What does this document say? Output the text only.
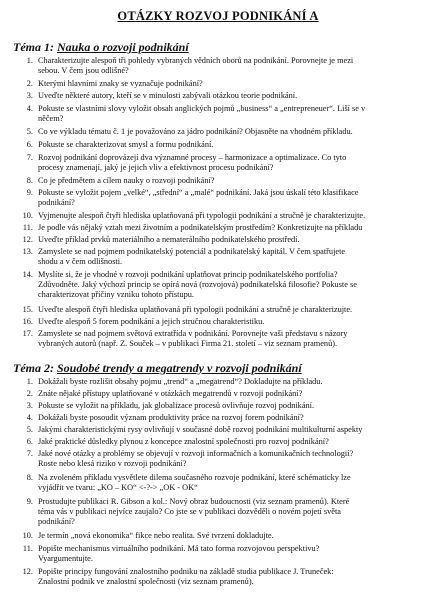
OTÁZKY ROZVOJ PODNIKÁNÍ A
Téma 1: Nauka o rozvoji podnikání
1. Charakterizujte alespoň tři pohledy vybraných vědních oborů na podnikání. Porovnejte je mezi
sebou. V čem jsou odlišné?
2. Kterými hlavními znaky se vyznačuje podnikání?
3. Uveďte některé autory, kteří se v minulosti zabývali otázkou teorie podnikání.
4. Pokuste se vlastními slovy vyložit obsah anglických pojmů „business“ a „entrepreneuer“. Liší se v
něčem?
5. Co ve výkladu tématu č. 1 je považováno za jádro podnikání? Objasněte na vhodném příkladu.
6. Pokuste se charakterizovat smysl a formu podnikání.
7. Rozvoj podnikání doprovázejí dva významné procesy – harmonizace a optimalizace. Co tyto
procesy znamenají, jaký je jejich vliv a efektivnost procesu podnikání?
8. Co je předmětem a cílem nauky o rozvoji podnikání?
9. Pokuste se vyložit pojem „velké“, „střední“ a „malé“ podnikání. Jaká jsou úskalí této klasifikace
podnikání?
10. Vyjmenujte alespoň čtyři hlediska uplatňovaná při typologii podnikání a stručně je charakterizujte.
11. Je podle vás nějaký vztah mezi životním a podnikatelským prostředím? Konkretizujte na příkladu
12. Uveďte příklad prvků materiálního a nematerálního podnikatelského prostředí.
13. Zamyslete se nad pojmem podnikatelský potenciál a podnikatelský kapitál. V čem spatřujete
shodu a v čem odlišnosti.
14. Myslíte si, že je vhodné v rozvoji podnikání uplatňovat princip podnikatelského portfolia?
Zdůvodněte. Jaký výchozí princip se opírá nová (rozvojová) podnikatelská filosofie? Pokuste se
charakterizovat příčiny vzniku tohoto přístupu.
15. Uveďte alespoň čtyři hlediska uplatňovaná při typologii podnikání a stručně je charakterizujte.
16. Uveďte alespoň 5 forem podnikání a jejich stručnou charakteristiku.
17. Zamyslete se nad pojmem světová extratřída v podnikání. Porovnejte vaši představu s názory
vybraných autorů (např. Z. Souček – v publikaci Firma 21. století – viz seznam pramenů).
Téma 2: Soudobé trendy a megatrendy v rozvoji podnikání
1. Dokážali byste rozlišit obsahy pojmu „trend“ a „megatrend“? Dokladujte na příkladu.
2. Znáte nějaké přístupy uplatňované v otázkách megatrendů v rozvoji podnikání?
3. Pokuste se vyložit na příkladu, jak globalizace procesů ovlivňuje rozvoj podnikání.
4. Dokážali byste posoudit význam produktivity práce na rozvoj forem podnikání?
5. Jakými charakteristickými rysy ovlivňují v současné době rozvoj podnikání multikulturní aspekty
6. Jaké praktické důsledky plynou z koncepce znalostní společnosti pro rozvoj podnikání?
7. Jaké nové otázky a problémy se objevují v rozvoji informačních a komunikačních technologií?
Roste nebo klesá riziko v rozvoji podnikání?
8. Na zvoleném příkladu vysvětlete dilema současného rozvoje podnikání, které schématicky lze
vyjádřit ve tvaru: „KO – KO“ <-?-> „OK - OK“
9. Prostudujte publikaci R. Gibson a kol.: Nový obraz budoucnosti (viz seznam pramenů). Které
téma vás v publikaci nejvíce zaujalo? Co jste se v publikaci dozvěděli o novém pojetí světa
podnikání?
10. Je termín „nová ekonomika“ fikce nebo realita. Své tvrzení dokladujte.
11. Popište mechanismus virtuálního podnikání. Má tato forma rozvojovou perspektivu?
Vyargumentujte.
12. Popište principy fungování znalostního podniku na základě studia publikace J. Truneček:
Znalostní podnik ve znalostní společnosti (viz seznam pramenů).
